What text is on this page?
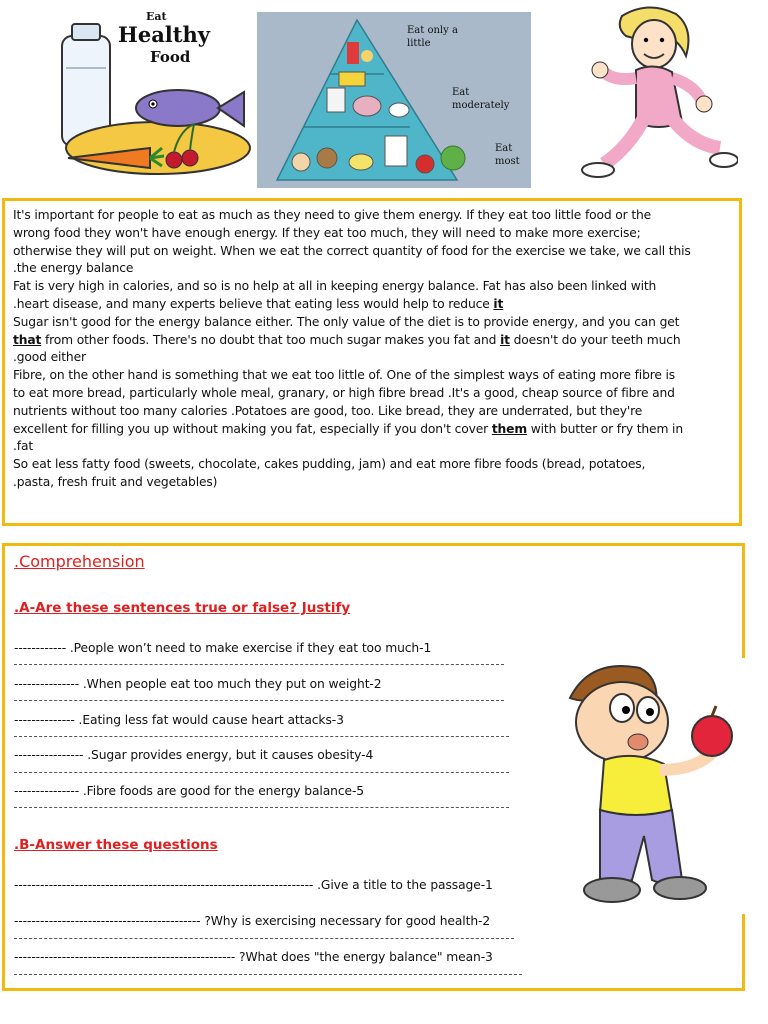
Eat
Healthy
Food
Eat only a little
Eat moderately
Eat most
It's important for people to eat as much as they need to give them energy. If they eat too little food or the
wrong food they won't have enough energy. If they eat too much, they will need to make more exercise;
otherwise they will put on weight. When we eat the correct quantity of food for the exercise we take, we call this
.the energy balance
Fat is very high in calories, and so is no help at all in keeping energy balance. Fat has also been linked with
.heart disease, and many experts believe that eating less would help to reduce it
Sugar isn't good for the energy balance either. The only value of the diet is to provide energy, and you can get
that from other foods. There's no doubt that too much sugar makes you fat and it doesn't do your teeth much
.good either
Fibre, on the other hand is something that we eat too little of. One of the simplest ways of eating more fibre is
to eat more bread, particularly whole meal, granary, or high fibre bread .It's a good, cheap source of fibre and
nutrients without too many calories .Potatoes are good, too. Like bread, they are underrated, but they're
excellent for filling you up without making you fat, especially if you don't cover them with butter or fry them in
.fat
So eat less fatty food (sweets, chocolate, cakes pudding, jam) and eat more fibre foods (bread, potatoes,
.pasta, fresh fruit and vegetables)
.Comprehension
.A-Are these sentences true or false? Justify
------------ .People won’t need to make exercise if they eat too much-1
--------------- .When people eat too much they put on weight-2
-------------- .Eating less fat would cause heart attacks-3
---------------- .Sugar provides energy, but it causes obesity-4
--------------- .Fibre foods are good for the energy balance-5
.B-Answer these questions
--------------------------------------------------------------------- .Give a title to the passage-1
------------------------------------------- ?Why is exercising necessary for good health-2
--------------------------------------------------- ?What does "the energy balance" mean-3
